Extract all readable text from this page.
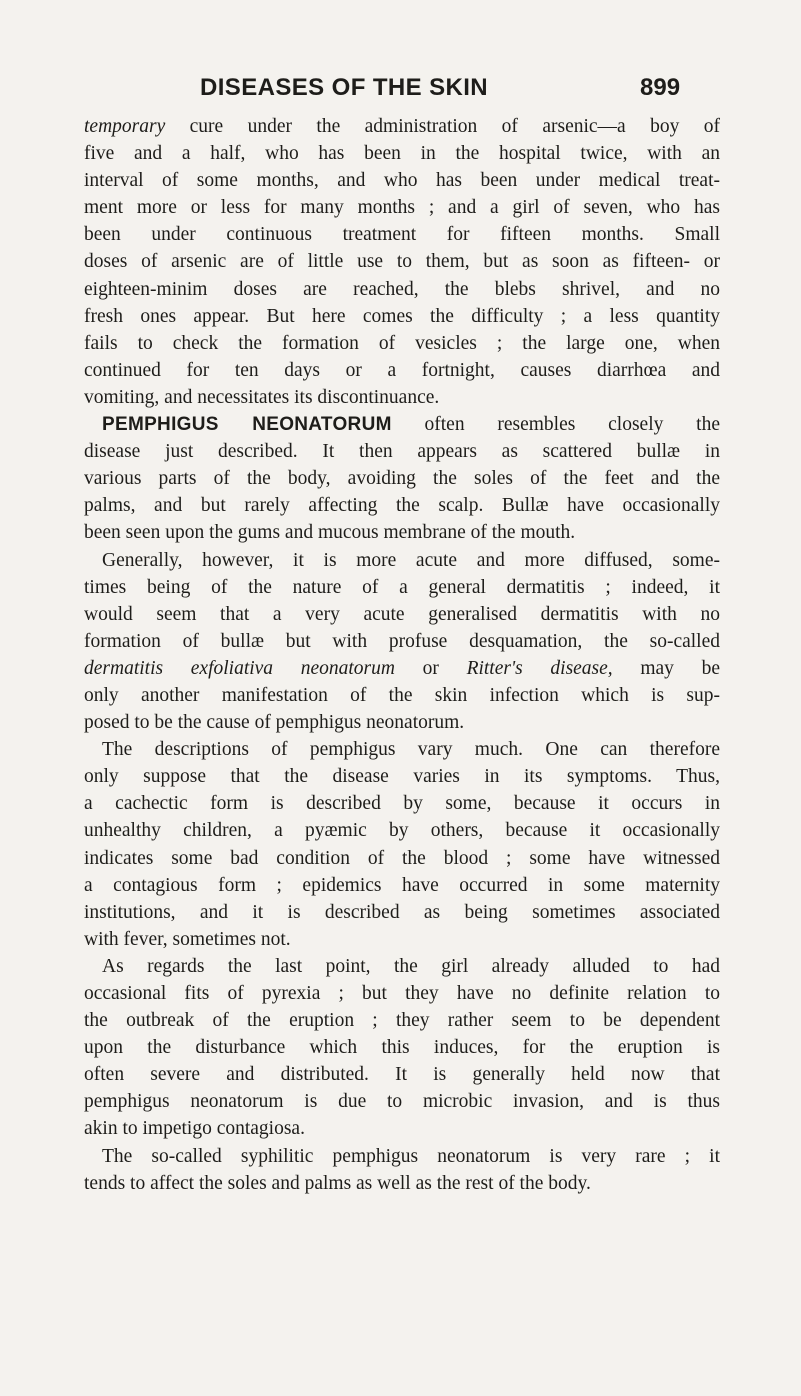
DISEASES OF THE SKIN	899
temporary cure under the administration of arsenic—a boy of
five and a half, who has been in the hospital twice, with an
interval of some months, and who has been under medical treat-
ment more or less for many months ; and a girl of seven, who has
been under continuous treatment for fifteen months. Small
doses of arsenic are of little use to them, but as soon as fifteen- or
eighteen-minim doses are reached, the blebs shrivel, and no
fresh ones appear. But here comes the difficulty ; a less quantity
fails to check the formation of vesicles ; the large one, when
continued for ten days or a fortnight, causes diarrhœa and
vomiting, and necessitates its discontinuance.
PEMPHIGUS NEONATORUM often resembles closely the
disease just described. It then appears as scattered bullæ in
various parts of the body, avoiding the soles of the feet and the
palms, and but rarely affecting the scalp. Bullæ have occasionally
been seen upon the gums and mucous membrane of the mouth.
Generally, however, it is more acute and more diffused, some-
times being of the nature of a general dermatitis ; indeed, it
would seem that a very acute generalised dermatitis with no
formation of bullæ but with profuse desquamation, the so-called
dermatitis exfoliativa neonatorum or Ritter's disease, may be
only another manifestation of the skin infection which is sup-
posed to be the cause of pemphigus neonatorum.
The descriptions of pemphigus vary much. One can therefore
only suppose that the disease varies in its symptoms. Thus,
a cachectic form is described by some, because it occurs in
unhealthy children, a pyæmic by others, because it occasionally
indicates some bad condition of the blood ; some have witnessed
a contagious form ; epidemics have occurred in some maternity
institutions, and it is described as being sometimes associated
with fever, sometimes not.
As regards the last point, the girl already alluded to had
occasional fits of pyrexia ; but they have no definite relation to
the outbreak of the eruption ; they rather seem to be dependent
upon the disturbance which this induces, for the eruption is
often severe and distributed. It is generally held now that
pemphigus neonatorum is due to microbic invasion, and is thus
akin to impetigo contagiosa.
The so-called syphilitic pemphigus neonatorum is very rare ; it
tends to affect the soles and palms as well as the rest of the body.
